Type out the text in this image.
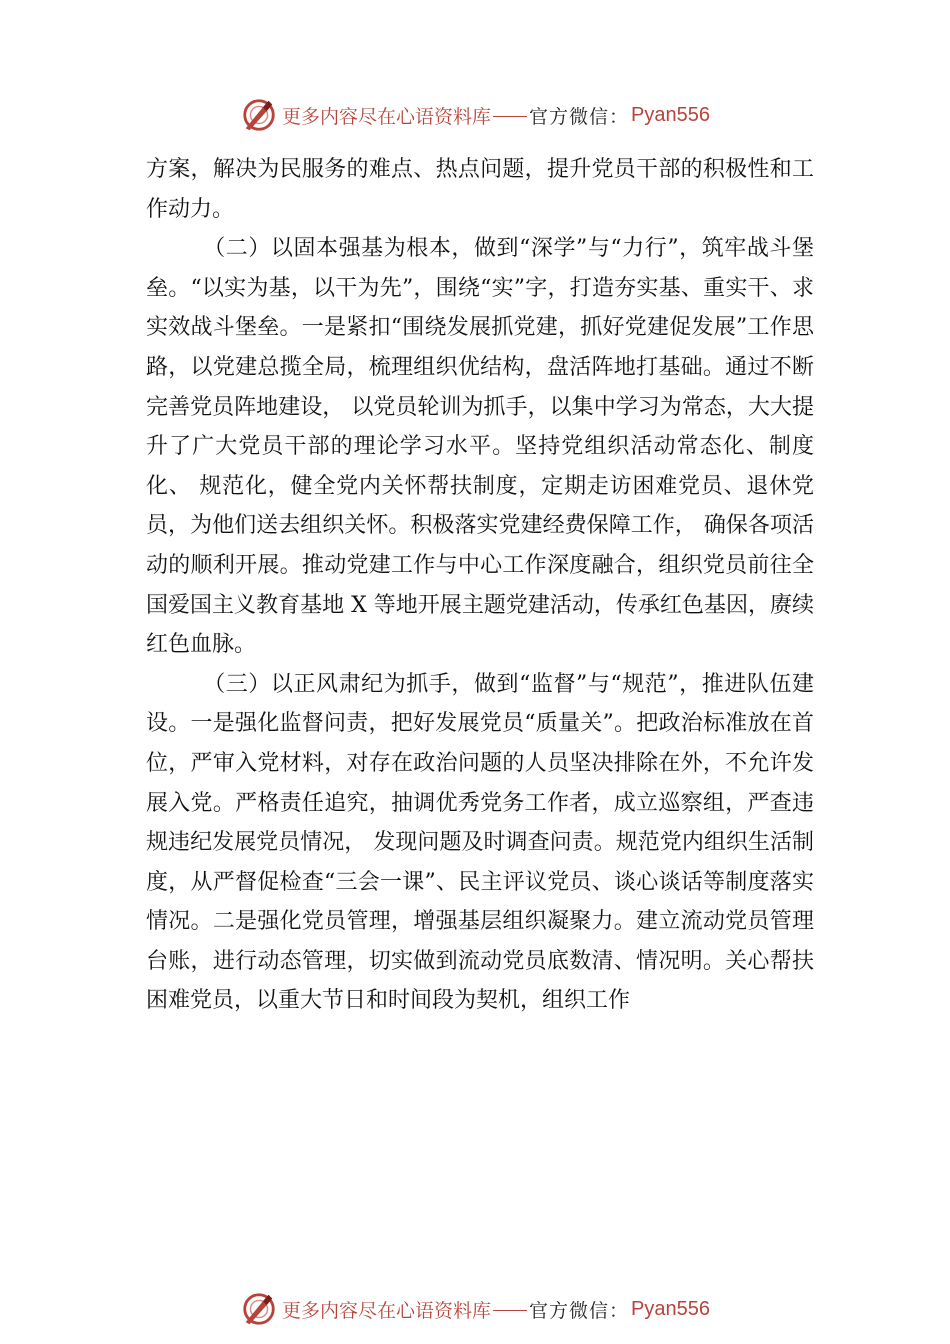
更多内容尽在心语资料库 官方微信： Pyan556

方案，解决为民服务的难点、热点问题，提升党员干部的积极性和工作动力。

（二）以固本强基为根本，做到“深学”与“力行”，筑牢战斗堡垒。“以实为基，以干为先”，围绕“实”字，打造夯实基、重实干、求实效战斗堡垒。一是紧扣“围绕发展抓党建，抓好党建促发展”工作思路，以党建总揽全局，梳理组织优结构，盘活阵地打基础。通过不断完善党员阵地建设， 以党员轮训为抓手，以集中学习为常态，大大提升了广大党员干部的理论学习水平。坚持党组织活动常态化、制度化、 规范化，健全党内关怀帮扶制度，定期走访困难党员、退休党员，为他们送去组织关怀。积极落实党建经费保障工作， 确保各项活动的顺利开展。推动党建工作与中心工作深度融合，组织党员前往全国爱国主义教育基地 X 等地开展主题党建活动，传承红色基因，赓续红色血脉。

（三）以正风肃纪为抓手，做到“监督”与“规范”，推进队伍建设。一是强化监督问责，把好发展党员“质量关”。把政治标准放在首位，严审入党材料，对存在政治问题的人员坚决排除在外，不允许发展入党。严格责任追究，抽调优秀党务工作者，成立巡察组，严查违规违纪发展党员情况， 发现问题及时调查问责。规范党内组织生活制度，从严督促检查“三会一课”、民主评议党员、谈心谈话等制度落实情况。二是强化党员管理，增强基层组织凝聚力。建立流动党员管理台账，进行动态管理，切实做到流动党员底数清、情况明。关心帮扶困难党员，以重大节日和时间段为契机，组织工作

更多内容尽在心语资料库 官方微信： Pyan556
